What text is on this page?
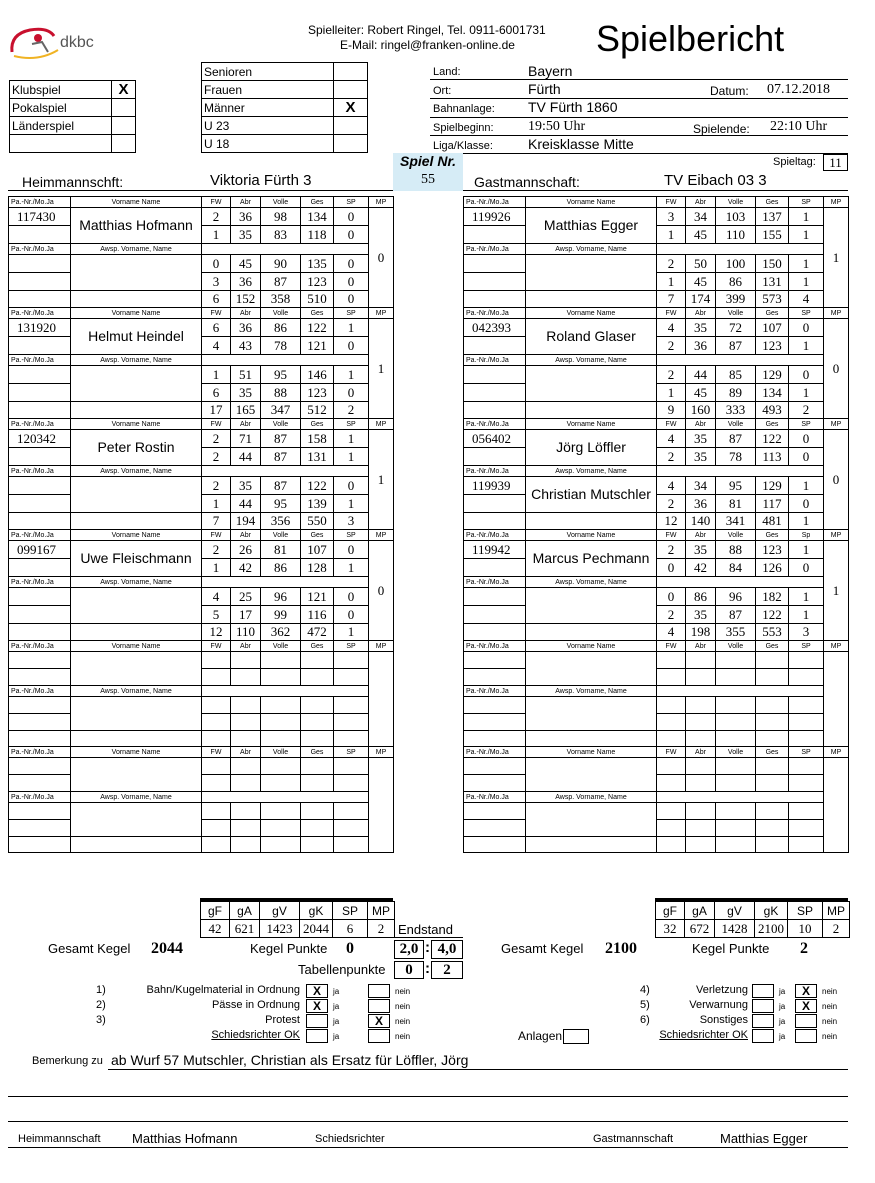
dkbc
Spielleiter: Robert Ringel, Tel. 0911-6001731
E-Mail: ringel@franken-online.de Spielbericht
Klubspiel	X
Pokalspiel	
Länderspiel	

Senioren	
Frauen	
Männer	X
U 23	
U 18	
Land:	Bayern
Ort:	Fürth	Datum: 07.12.2018
Bahnanlage: TV Fürth 1860
Spielbeginn: 19:50 Uhr	Spielende: 22:10 Uhr
Liga/Klasse:	Kreisklasse Mitte
Spieltag:	11
Spiel Nr.
55
Heimmannschft:	Viktoria Fürth 3	Gastmannschaft:	TV Eibach 03 3
Pa.-Nr./Mo.Ja	Vorname Name	FW	Abr	Volle	Ges	SP	MP
117430	Matthias Hofmann	2	36	98	134	0	0
		1	35	83	118	0	
Pa.-Nr./Mo.Ja	Awsp. Vorname, Name						
		0	45	90	135	0	
		3	36	87	123	0	
		6	152	358	510	0	
Pa.-Nr./Mo.Ja	Vorname Name	FW	Abr	Volle	Ges	SP	MP
131920	Helmut Heindel	6	36	86	122	1	1
		4	43	78	121	0	
Pa.-Nr./Mo.Ja	Awsp. Vorname, Name						
		1	51	95	146	1	
		6	35	88	123	0	
		17	165	347	512	2	
Pa.-Nr./Mo.Ja	Vorname Name	FW	Abr	Volle	Ges	SP	MP
120342	Peter Rostin	2	71	87	158	1	1
		2	44	87	131	1	
Pa.-Nr./Mo.Ja	Awsp. Vorname, Name						
		2	35	87	122	0	
		1	44	95	139	1	
		7	194	356	550	3	
Pa.-Nr./Mo.Ja	Vorname Name	FW	Abr	Volle	Ges	SP	MP
099167	Uwe Fleischmann	2	26	81	107	0	0
		1	42	86	128	1	
Pa.-Nr./Mo.Ja	Awsp. Vorname, Name						
		4	25	96	121	0	
		5	17	99	116	0	
		12	110	362	472	1	
Pa.-Nr./Mo.Ja	Vorname Name	FW	Abr	Volle	Ges	SP	MP

Pa.-Nr./Mo.Ja	Awsp. Vorname, Name						

Pa.-Nr./Mo.Ja	Vorname Name	FW	Abr	Volle	Ges	SP	MP

Pa.-Nr./Mo.Ja	Awsp. Vorname, Name						

Pa.-Nr./Mo.Ja	Vorname Name	FW	Abr	Volle	Ges	SP	MP
119926	Matthias Egger	3	34	103	137	1	1
		1	45	110	155	1	
Pa.-Nr./Mo.Ja	Awsp. Vorname, Name						
		2	50	100	150	1	
		1	45	86	131	1	
		7	174	399	573	4	
Pa.-Nr./Mo.Ja	Vorname Name	FW	Abr	Volle	Ges	SP	MP
042393	Roland Glaser	4	35	72	107	0	0
		2	36	87	123	1	
Pa.-Nr./Mo.Ja	Awsp. Vorname, Name						
		2	44	85	129	0	
		1	45	89	134	1	
		9	160	333	493	2	
Pa.-Nr./Mo.Ja	Vorname Name	FW	Abr	Volle	Ges	SP	MP
056402	Jörg Löffler	4	35	87	122	0	0
		2	35	78	113	0	
Pa.-Nr./Mo.Ja	Awsp. Vorname, Name						
119939	Christian Mutschler	4	34	95	129	1	
		2	36	81	117	0	
		12	140	341	481	1	
Pa.-Nr./Mo.Ja	Vorname Name	FW	Abr	Volle	Ges	Sp	MP
119942	Marcus Pechmann	2	35	88	123	1	1
		0	42	84	126	0	
Pa.-Nr./Mo.Ja	Awsp. Vorname, Name						
		0	86	96	182	1	
		2	35	87	122	1	
		4	198	355	553	3	
Pa.-Nr./Mo.Ja	Vorname Name	FW	Abr	Volle	Ges	SP	MP

Pa.-Nr./Mo.Ja	Awsp. Vorname, Name						

Pa.-Nr./Mo.Ja	Vorname Name	FW	Abr	Volle	Ges	SP	MP

Pa.-Nr./Mo.Ja	Awsp. Vorname, Name						

gF	gA	gV	gK	SP	MP
42	621	1423	2044	6	2
gF	gA	gV	gK	SP	MP
32	672	1428	2100	10	2
Endstand
Gesamt Kegel 2044	Kegel Punkte 0	2,0 : 4,0	Gesamt Kegel 2100	Kegel Punkte 2
Tabellenpunkte	0 : 2
1)	Bahn/Kugelmaterial in Ordnung	X	ja	nein
2)	Pässe in Ordnung	X	ja	nein
3)	Protest	ja	X	nein
Schiedsrichter OK	ja	nein
4)	Verletzung	ja	X	nein
5)	Verwarnung	ja	X	nein
6)	Sonstiges	ja	nein
Schiedsrichter OK	ja	nein
Anlagen
Bemerkung zu ab Wurf 57 Mutschler, Christian als Ersatz für Löffler, Jörg
Heimmannschaft Matthias Hofmann	Schiedsrichter	Gastmannschaft	Matthias Egger
